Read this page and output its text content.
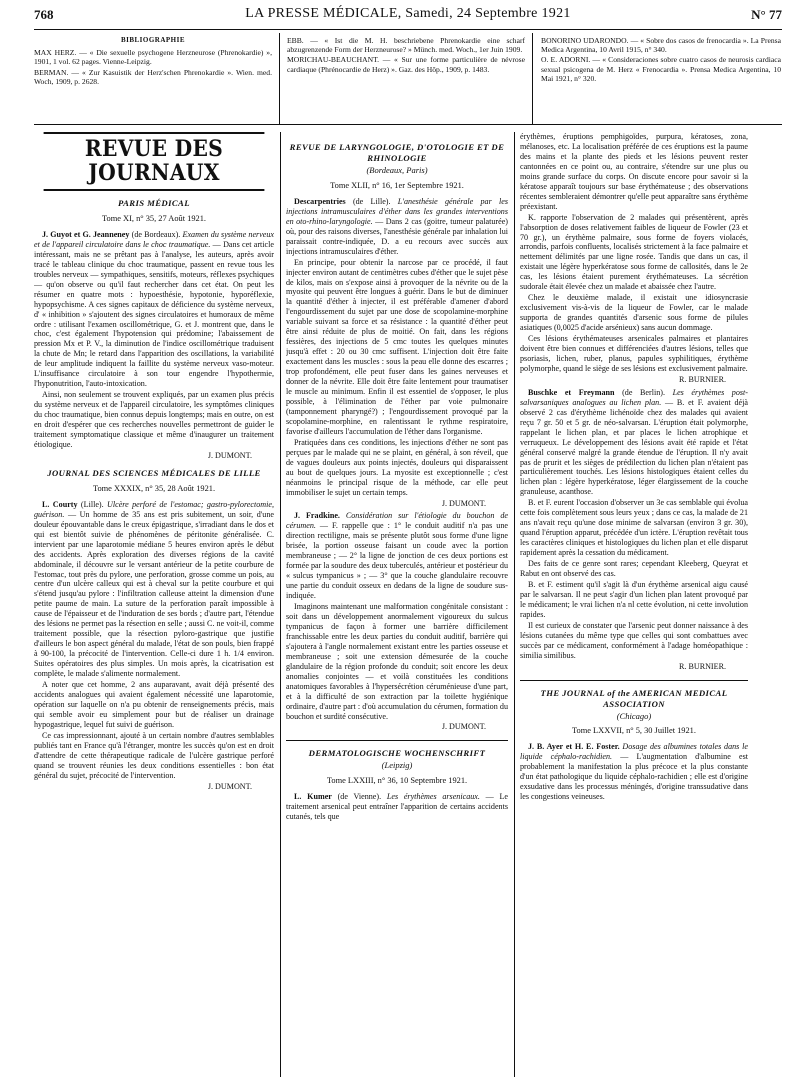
768	LA PRESSE MÉDICALE, Samedi, 24 Septembre 1921	N° 77
BIBLIOGRAPHIE

MAX HERZ. — « Die sexuelle psychogene Herzneurose (Phrenokardie) », 1901, 1 vol. 62 pages. Vienne-Leipzig.

BERMAN. — « Zur Kasuistik der Herz'schen Phrenokardie ». Wien. med. Woch, 1909, p. 2628.

EBB. — « Ist die M. H. beschriebene Phrenokardie eine scharf abzugrenzende Form der Herzneurose? » Münch. med. Woch., 1er Juin 1909.

MORICHAU-BEAUCHANT. — « Sur une forme particulière de névrose cardiaque (Phrénocardie de Herz) ». Gaz. des Hôp., 1909, p. 1483.

BONORINO UDARONDO. — « Sobre dos casos de frenocardia ». La Prensa Medica Argentina, 10 Avril 1915, n° 340.

O. E. ADORNI. — « Consideraciones sobre cuatro casos de neurosis cardiaca sexual psicogena de M. Herz « Frenocardia ». Prensa Medica Argentina, 10 Mai 1921, n° 320.

REVUE DES JOURNAUX
PARIS MÉDICAL
Tome XI, n° 35, 27 Août 1921.

J. Guyot et G. Jeanneney (de Bordeaux). Examen du système nerveux et de l'appareil circulatoire dans le choc traumatique. — Dans cet article intéressant, mais ne se prêtant pas à l'analyse, les auteurs, après avoir tracé le tableau clinique du choc traumatique, passent en revue tous les troubles nerveux — sympathiques, sensitifs, moteurs, réflexes psychiques — qu'on observe ou qu'il faut rechercher dans cet état. On peut les résumer en quatre mots : hypoesthésie, hypotonie, hyporéflexie, hypopsychisme. A ces signes capitaux de déficience du système nerveux, d' « inhibition » s'ajoutent des signes circulatoires et humoraux de même ordre : utilisant l'examen oscillométrique, G. et J. montrent que, dans le choc, c'est également l'hypotension qui prédomine; l'abaissement de pression Mx et P. V., la diminution de l'indice oscillométrique traduisent la chute de Mn; le retard dans l'apparition des oscillations, la variabilité de leur amplitude indiquent la faillite du système nerveux vaso-moteur. L'insuffisance circulatoire à son tour engendre l'hypothermie, l'hyponutrition, l'auto-intoxication.

Ainsi, non seulement se trouvent expliqués, par un examen plus précis du système nerveux et de l'appareil circulatoire, les symptômes cliniques du choc traumatique, bien connus depuis longtemps; mais en outre, on est en droit d'espérer que ces recherches nouvelles permettront de guider le traitement symptomatique classique et même d'inaugurer un traitement étiologique.

J. DUMONT.
JOURNAL DES SCIENCES MÉDICALES DE LILLE
Tome XXXIX, n° 35, 28 Août 1921.

L. Courty (Lille). Ulcère perforé de l'estomac; gastro-pylorectomie, guérison. — Un homme de 35 ans est pris subitement, un soir, d'une douleur épouvantable dans le creux épigastrique, s'irradiant dans le dos et qui est bientôt suivie de phénomènes de péritonite généralisée. C. intervient par une laparotomie médiane 5 heures environ après le début des accidents. Après exploration des diverses régions de la cavité abdominale, il découvre sur le versant antérieur de la petite courbure de l'estomac, tout près du pylore, une perforation, grosse comme un pois, au centre d'un ulcère calleux qui est à cheval sur la petite courbure et qui s'étend jusqu'au pylore : l'infiltration calleuse atteint la dimension d'une petite paume de main. La suture de la perforation paraît impossible à cause de l'épaisseur et de l'induration de ses bords ; d'autre part, l'étendue des lésions ne permet pas la résection en selle ; aussi C. ne voit-il, comme traitement possible, que la résection pyloro-gastrique que justifie d'ailleurs le bon aspect général du malade, l'état de son pouls, bien frappé à 90-100, la précocité de l'intervention. Celle-ci dure 1 h. 1/4 environ. Suites opératoires des plus simples. Un mois après, la cicatrisation est complète, le malade s'alimente normalement.

A noter que cet homme, 2 ans auparavant, avait déjà présenté des accidents analogues qui avaient également nécessité une laparotomie, opération sur laquelle on n'a pu obtenir de renseignements précis, mais qui semble avoir eu simplement pour but de réaliser un drainage hypogastrique, lequel fut suivi de guérison.

Ce cas impressionnant, ajouté à un certain nombre d'autres semblables publiés tant en France qu'à l'étranger, montre les succès qu'on est en droit d'attendre de cette thérapeutique radicale de l'ulcère gastrique perforé quand se trouvent réunies les deux conditions essentielles : bon état général du sujet, précocité de l'intervention.

J. DUMONT.
REVUE DE LARYNGOLOGIE, D'OTOLOGIE ET DE RHINOLOGIE
(Bordeaux, Paris)
Tome XLII, n° 16, 1er Septembre 1921.

Descarpentries (de Lille). L'anesthésie générale par les injections intramusculaires d'éther dans les grandes interventions en oto-rhino-laryngologie. — Dans 2 cas (goitre, tumeur palaturée) où, pour des raisons diverses, l'anesthésie générale par inhalation lui paraissait contre-indiquée, D. a eu recours avec succès aux injections intramusculaires d'éther.

En principe, pour obtenir la narcose par ce procédé, il faut injecter environ autant de centimètres cubes d'éther que le sujet pèse de kilos, mais on s'expose ainsi à provoquer de la névrite ou de la myosite qui peuvent être longues à guérir. Dans le but de diminuer la quantité d'éther à injecter, il est préférable d'amener d'abord l'engourdissement du sujet par une dose de scopolamine-morphine variable suivant sa force et sa résistance : la quantité d'éther peut être ainsi réduite de plus de moitié. On fait, dans les régions fessières, des injections de 5 cmc toutes les quelques minutes jusqu'à effet : 20 ou 30 cmc suffisent. L'injection doit être faite exactement dans les muscles : sous la peau elle donne des escarres ; trop profondément, elle peut fuser dans les gaines nerveuses et donner de la névrite. Elle doit être faite lentement pour traumatiser le muscle au minimum. Enfin il est essentiel de s'opposer, le plus possible, à l'élimination de l'éther par voie pulmonaire (tamponnement pharyngé?) ; l'engourdissement provoqué par la scopolamine-morphine, en ralentissant le rythme respiratoire, favorise d'ailleurs l'accumulation de l'éther dans l'organisme.

Pratiquées dans ces conditions, les injections d'éther ne sont pas perçues par le malade qui ne se plaint, en général, à son réveil, que de vagues douleurs aux points injectés, douleurs qui disparaissent au bout de quelques jours. La myosite est exceptionnelle ; c'est néanmoins le principal risque de la méthode, car elle peut immobiliser le sujet un certain temps.

J. DUMONT.

J. Fradkine. Considération sur l'étiologie du bouchon de cérumen. — F. rappelle que : 1° le conduit auditif n'a pas une direction rectiligne, mais se présente plutôt sous forme d'une ligne brisée, la portion osseuse faisant un coude avec la portion membraneuse ; — 2° la ligne de jonction de ces deux portions est formée par la soudure des deux tuberculés, antérieur et postérieur du « sulcus tympanicus » ; — 3° que la couche glandulaire recouvre une partie du conduit osseux en dedans de la ligne de soudure sus-indiquée.

Imaginons maintenant une malformation congénitale consistant : soit dans un développement anormalement vigoureux du sulcus tympanicus de façon à former une barrière difficilement franchissable entre les deux parties du conduit auditif, barrière qui s'ajoutera à l'angle normalement existant entre les parties osseuse et membraneuse ; soit une extension démesurée de la couche glandulaire de la région profonde du conduit; soit encore les deux anomalies conjointes — et voilà constituées les conditions anatomiques favorables à l'hypersécrétion céruménieuse d'une part, et à la difficulté de son extraction par la toilette hygiénique ordinaire, d'autre part : d'où accumulation du cérumen, formation du bouchon et surdité consécutive.

J. DUMONT.
DERMATOLOGISCHE WOCHENSCHRIFT
(Leipzig)
Tome LXXIII, n° 36, 10 Septembre 1921.

L. Kumer (de Vienne). Les érythèmes arsenicaux. — Le traitement arsenical peut entraîner l'apparition de certains accidents cutanés, tels que

érythèmes, éruptions pemphigoïdes, purpura, kératoses, zona, mélanoses, etc. La localisation préférée de ces éruptions est la paume des mains et la plante des pieds et les lésions peuvent rester cantonnées en ce point ou, au contraire, s'étendre sur une plus ou moins grande surface du corps. On discute encore pour savoir si la kératose apparaît toujours sur base érythémateuse ; des observations récentes sembleraient démontrer qu'elle peut apparaître sans érythème préexistant.

K. rapporte l'observation de 2 malades qui présentèrent, après l'absorption de doses relativement faibles de liqueur de Fowler (23 et 70 gr.), un érythème palmaire, sous forme de foyers violacés, arrondis, parfois confluents, localisés strictement à la face palmaire et nettement délimités par une ligne rosée. Tandis que dans un cas, il existait une légère hyperkératose sous forme de callosités, dans le 2e cas, les lésions étaient purement érythémateuses. La sécrétion sudorale était élevée chez un malade et abaissée chez l'autre.

Chez le deuxième malade, il existait une idiosyncrasie exclusivement vis-à-vis de la liqueur de Fowler, car le malade supporta de grandes quantités d'arsenic sous forme de pilules asiatiques (0,0025 d'acide arsénieux) sans aucun dommage.

Ces lésions érythémateuses arsenicales palmaires et plantaires doivent être bien connues et différenciées d'autres lésions, telles que psoriasis, lichen, ruber, planus, papules syphilitiques, érythème polymorphe, quand le siège de ses lésions est exclusivement palmaire.

R. BURNIER.

Buschke et Freymann (de Berlin). Les érythèmes post-salvarsaniques analogues au lichen plan. — B. et F. avaient déjà observé 2 cas d'érythème lichénoïde chez des malades qui avaient reçu 7 gr. 50 et 5 gr. de néo-salvarsan. L'éruption était polymorphe, rappelant le lichen plan, et par places le lichen atrophique et verruqueux. Le développement des lésions avait été rapide et l'état général conservé malgré la grande étendue de l'éruption. Il n'y avait pas de prurit et les sièges de prédilection du lichen plan n'étaient pas particulièrement touchés. Les lésions histologiques étaient celles du lichen plan : légère hyperkératose, léger élargissement de la couche granuleuse, acanthose.

B. et F. eurent l'occasion d'observer un 3e cas semblable qui évolua cette fois complètement sous leurs yeux ; dans ce cas, la malade de 21 ans n'avait reçu qu'une dose minime de salvarsan (environ 3 gr. 30), quand l'éruption apparut, précédée d'un ictère. L'éruption revêtait tous les caractères cliniques et histologiques du lichen plan et elle disparut rapidement après la cessation du médicament.

Des faits de ce genre sont rares; cependant Kleeberg, Queyrat et Rabut en ont observé des cas.

B. et F. estiment qu'il s'agit là d'un érythème arsenical aigu causé par le salvarsan. Il ne peut s'agir d'un lichen plan latent provoqué par le médicament; le vrai lichen n'a nl cette évolution, ni cette involution rapides.

Il est curieux de constater que l'arsenic peut donner naissance à des lésions cutanées du même type que celles qui sont combattues avec succès par ce médicament, conformément à l'adage homéopathique : similia similibus.

R. BURNIER.
THE JOURNAL of the AMERICAN MEDICAL ASSOCIATION
(Chicago)
Tome LXXVII, n° 5, 30 Juillet 1921.

J. B. Ayer et H. E. Foster. Dosage des albumines totales dans le liquide céphalo-rachidien. — L'augmentation d'albumine est probablement la manifestation la plus précoce et la plus constante d'un état pathologique du liquide céphalo-rachidien ; elle est d'origine exsudative dans les processus méningés, d'origine transsudative dans les congestions veineuses.
